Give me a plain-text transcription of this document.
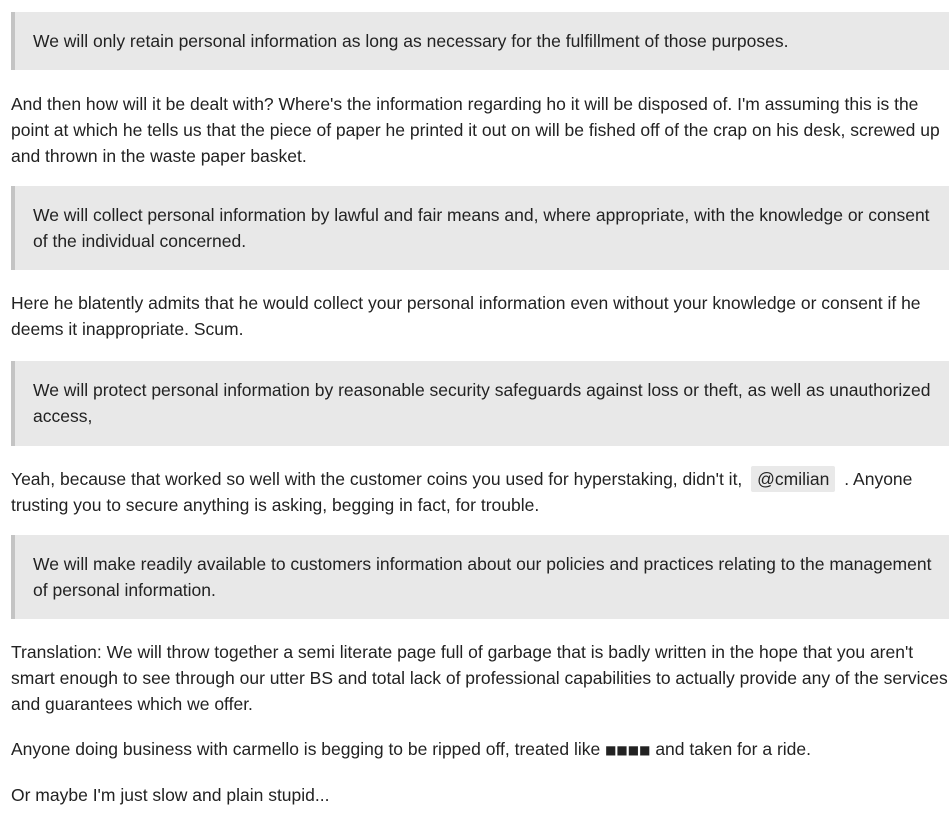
We will only retain personal information as long as necessary for the fulfillment of those purposes.

And then how will it be dealt with? Where's the information regarding ho it will be disposed of. I'm assuming this is the point at which he tells us that the piece of paper he printed it out on will be fished off of the crap on his desk, screwed up and thrown in the waste paper basket.

We will collect personal information by lawful and fair means and, where appropriate, with the knowledge or consent of the individual concerned.

Here he blatently admits that he would collect your personal information even without your knowledge or consent if he deems it inappropriate. Scum.

We will protect personal information by reasonable security safeguards against loss or theft, as well as unauthorized access,

Yeah, because that worked so well with the customer coins you used for hyperstaking, didn't it, @cmilian . Anyone trusting you to secure anything is asking, begging in fact, for trouble.

We will make readily available to customers information about our policies and practices relating to the management of personal information.

Translation: We will throw together a semi literate page full of garbage that is badly written in the hope that you aren't smart enough to see through our utter BS and total lack of professional capabilities to actually provide any of the services and guarantees which we offer.

Anyone doing business with carmello is begging to be ripped off, treated like ■■■■ and taken for a ride.

Or maybe I'm just slow and plain stupid...
